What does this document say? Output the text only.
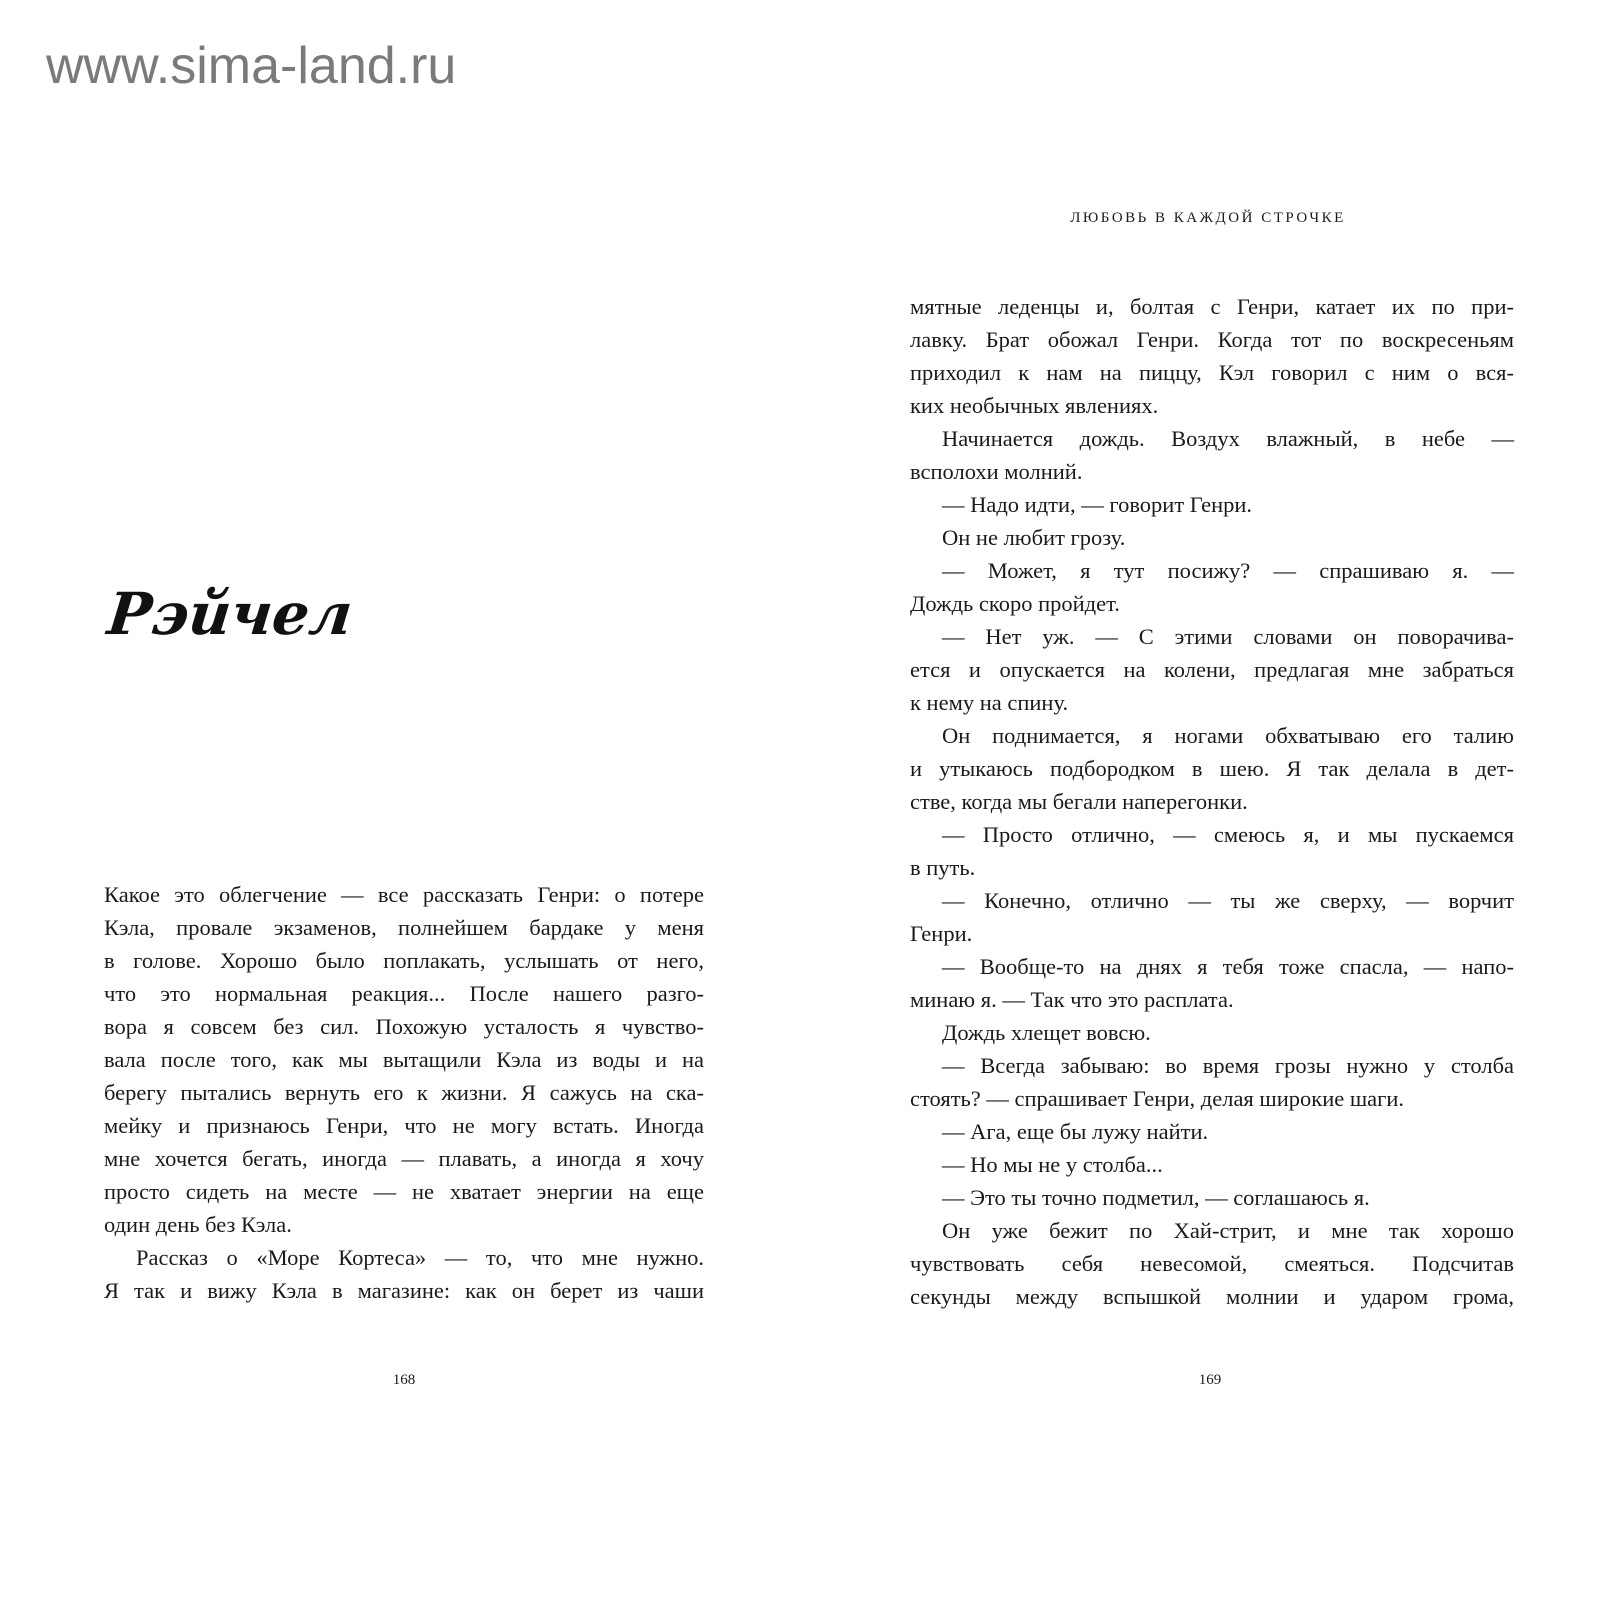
www.sima-land.ru
ЛЮБОВЬ В КАЖДОЙ СТРОЧКЕ
Рэйчел
Какое это облегчение — все рассказать Генри: о потере
Кэла, провале экзаменов, полнейшем бардаке у меня
в голове. Хорошо было поплакать, услышать от него,
что это нормальная реакция... После нашего разго-
вора я совсем без сил. Похожую усталость я чувство-
вала после того, как мы вытащили Кэла из воды и на
берегу пытались вернуть его к жизни. Я сажусь на ска-
мейку и признаюсь Генри, что не могу встать. Иногда
мне хочется бегать, иногда — плавать, а иногда я хочу
просто сидеть на месте — не хватает энергии на еще
один день без Кэла.
Рассказ о «Море Кортеса» — то, что мне нужно.
Я так и вижу Кэла в магазине: как он берет из чаши
мятные леденцы и, болтая с Генри, катает их по при-
лавку. Брат обожал Генри. Когда тот по воскресеньям
приходил к нам на пиццу, Кэл говорил с ним о вся-
ких необычных явлениях.
Начинается дождь. Воздух влажный, в небе —
всполохи молний.
— Надо идти, — говорит Генри.
Он не любит грозу.
— Может, я тут посижу? — спрашиваю я. —
Дождь скоро пройдет.
— Нет уж. — С этими словами он поворачива-
ется и опускается на колени, предлагая мне забраться
к нему на спину.
Он поднимается, я ногами обхватываю его талию
и утыкаюсь подбородком в шею. Я так делала в дет-
стве, когда мы бегали наперегонки.
— Просто отлично, — смеюсь я, и мы пускаемся
в путь.
— Конечно, отлично — ты же сверху, — ворчит
Генри.
— Вообще-то на днях я тебя тоже спасла, — напо-
минаю я. — Так что это расплата.
Дождь хлещет вовсю.
— Всегда забываю: во время грозы нужно у столба
стоять? — спрашивает Генри, делая широкие шаги.
— Ага, еще бы лужу найти.
— Но мы не у столба...
— Это ты точно подметил, — соглашаюсь я.
Он уже бежит по Хай-стрит, и мне так хорошо
чувствовать себя невесомой, смеяться. Подсчитав
секунды между вспышкой молнии и ударом грома,
168	169
